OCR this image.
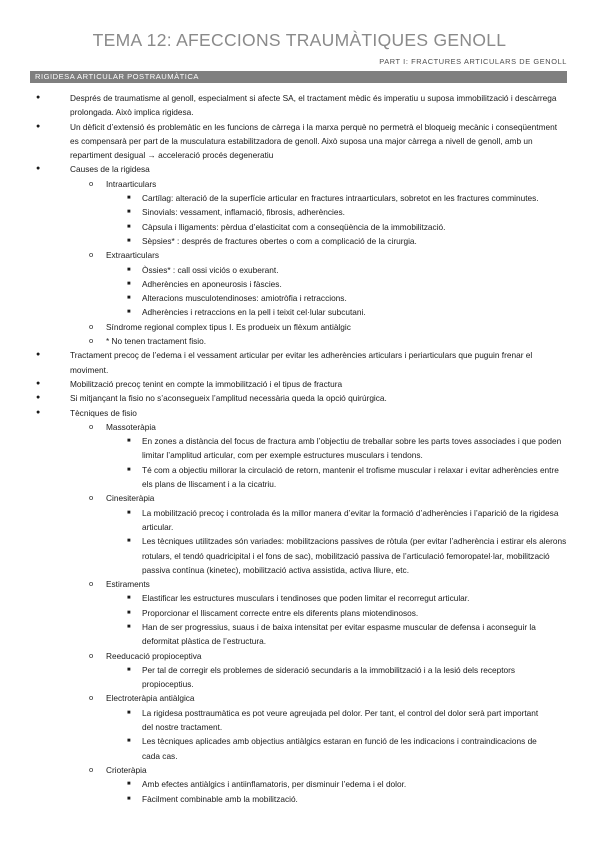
TEMA 12: AFECCIONS TRAUMÀTIQUES GENOLL
PART I: FRACTURES ARTICULARS DE GENOLL
RIGIDESA ARTICULAR POSTRAUMÀTICA
●	Després de traumatisme al genoll, especialment si afecte SA, el tractament mèdic és imperatiu u suposa immobilització i descàrrega prolongada. Això implica rigidesa.
●	Un dèficit d’extensió és problemàtic en les funcions de càrrega i la marxa perquè no permetrà el bloqueig mecànic i conseqüentment es compensarà per part de la musculatura estabilitzadora de genoll. Això suposa una major càrrega a nivell de genoll, amb un repartiment desigual → acceleració procés degeneratiu
●	Causes de la rigidesa
o Intraarticulars
■ Cartílag: alteració de la superfície articular en fractures intraarticulars, sobretot en les fractures comminutes.
■ Sinovials: vessament, inflamació, fibrosis, adherències.
■ Càpsula i lligaments: pèrdua d’elasticitat com a conseqüència de la immobilització.
■ Sèpsies* : després de fractures obertes o com a complicació de la cirurgia.
o Extraarticulars
■ Òssies* : call ossi viciós o exuberant.
■ Adherències en aponeurosis i fàscies.
■ Alteracions musculotendinoses: amiotròfia i retraccions.
■ Adherències i retraccions en la pell i teixit cel·lular subcutani.
o Síndrome regional complex tipus I. Es produeix un flèxum antiàlgic
o * No tenen tractament fisio.
●	Tractament precoç de l’edema i el vessament articular per evitar les adherències articulars i periarticulars que puguin frenar el moviment.
●	Mobilització precoç tenint en compte la immobilització i el tipus de fractura
●	Si mitjançant la fisio no s’aconsegueix l’amplitud necessària queda la opció quirúrgica.
●	Tècniques de fisio
o Massoteràpia
■ En zones a distància del focus de fractura amb l’objectiu de treballar sobre les parts toves associades i que poden limitar l’amplitud articular, com per exemple estructures musculars i tendons.
■ Té com a objectiu millorar la circulació de retorn, mantenir el trofisme muscular i relaxar i evitar adherències entre els plans de lliscament i a la cicatriu.
o Cinesiteràpia
■ La mobilització precoç i controlada és la millor manera d’evitar la formació d’adherències i l’aparició de la rigidesa articular.
■ Les tècniques utilitzades són variades: mobilitzacions passives de ròtula (per evitar l’adherència i estirar els alerons rotulars, el tendó quadricipital i el fons de sac), mobilització passiva de l’articulació femoropatel·lar, mobilització passiva contínua (kinetec), mobilització activa assistida, activa lliure, etc.
o Estiraments
■ Elastificar les estructures musculars i tendinoses que poden limitar el recorregut articular.
■ Proporcionar el lliscament correcte entre els diferents plans miotendinosos.
■ Han de ser progressius, suaus i de baixa intensitat per evitar espasme muscular de defensa i aconseguir la deformitat plàstica de l’estructura.
o Reeducació propioceptiva
■ Per tal de corregir els problemes de sideració secundaris a la immobilització i a la lesió dels receptors propioceptius.
o Electroteràpia antiàlgica
■ La rigidesa posttraumàtica es pot veure agreujada pel dolor. Per tant, el control del dolor serà part important del nostre tractament.
■ Les tècniques aplicades amb objectius antiàlgics estaran en funció de les indicacions i contraindicacions de cada cas.
o Crioteràpia
■ Amb efectes antiàlgics i antiinflamatoris, per disminuir l’edema i el dolor.
■ Fàcilment combinable amb la mobilització.
